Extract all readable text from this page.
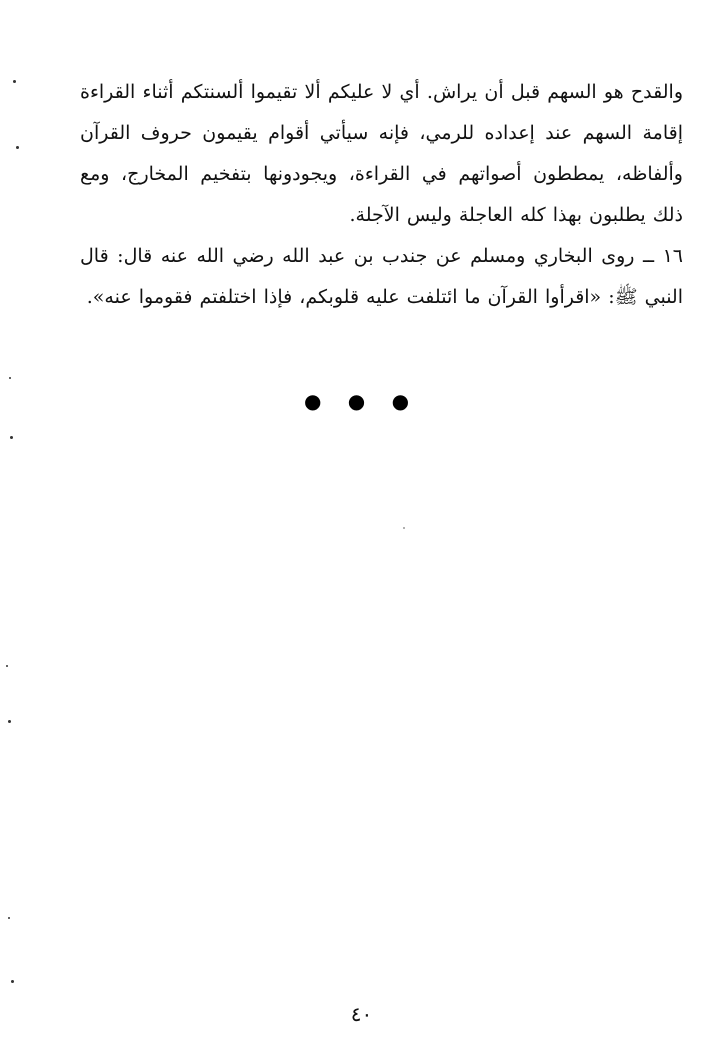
والقدح هو السهم قبل أن يراش. أي لا عليكم ألا تقيموا ألسنتكم أثناء القراءة إقامة السهم عند إعداده للرمي، فإنه سيأتي أقوام يقيمون حروف القرآن وألفاظه، يمططون أصواتهم في القراءة، ويجودونها بتفخيم المخارج، ومع ذلك يطلبون بهذا كله العاجلة وليس الآجلة.

١٦ ــ روى البخاري ومسلم عن جندب بن عبد الله رضي الله عنه قال: قال النبي ﷺ: «اقرأوا القرآن ما ائتلفت عليه قلوبكم، فإذا اختلفتم فقوموا عنه».

● ● ●
٤٠
